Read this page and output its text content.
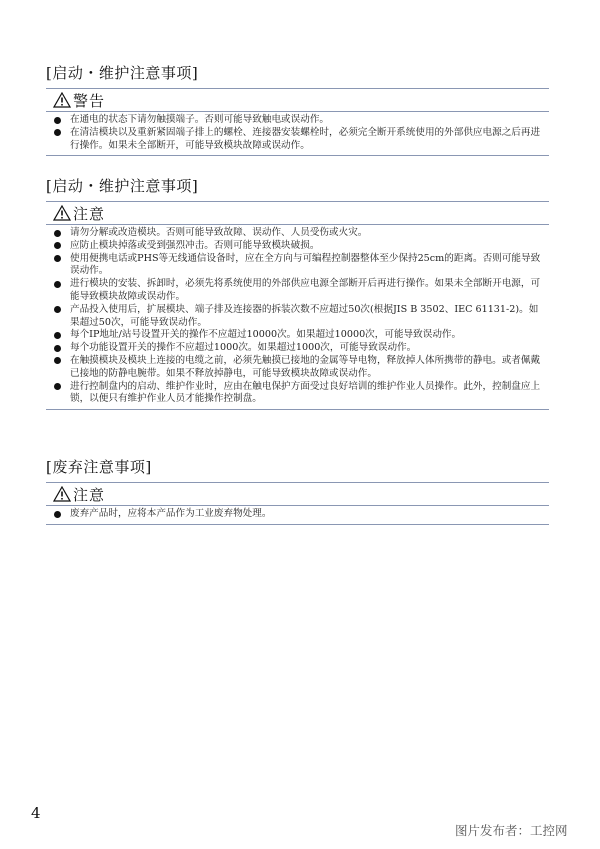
[启动・维护注意事项]
警告
在通电的状态下请勿触摸端子。否则可能导致触电或误动作。
在清洁模块以及重新紧固端子排上的螺栓、连接器安装螺栓时，必须完全断开系统使用的外部供应电源之后再进行操作。如果未全部断开，可能导致模块故障或误动作。
[启动・维护注意事项]
注意
请勿分解或改造模块。否则可能导致故障、误动作、人员受伤或火灾。
应防止模块掉落或受到强烈冲击。否则可能导致模块破损。
使用便携电话或PHS等无线通信设备时，应在全方向与可编程控制器整体至少保持25cm的距离。否则可能导致误动作。
进行模块的安装、拆卸时，必须先将系统使用的外部供应电源全部断开后再进行操作。如果未全部断开电源，可能导致模块故障或误动作。
产品投入使用后，扩展模块、端子排及连接器的拆装次数不应超过50次(根据JIS B 3502、IEC 61131-2)。如果超过50次，可能导致误动作。
每个IP地址/站号设置开关的操作不应超过10000次。如果超过10000次，可能导致误动作。
每个功能设置开关的操作不应超过1000次。如果超过1000次，可能导致误动作。
在触摸模块及模块上连接的电缆之前，必须先触摸已接地的金属等导电物，释放掉人体所携带的静电。或者佩戴已接地的防静电腕带。如果不释放掉静电，可能导致模块故障或误动作。
进行控制盘内的启动、维护作业时，应由在触电保护方面受过良好培训的维护作业人员操作。此外，控制盘应上锁，以便只有维护作业人员才能操作控制盘。
[废弃注意事项]
注意
废弃产品时，应将本产品作为工业废弃物处理。
4
图片发布者：工控网
